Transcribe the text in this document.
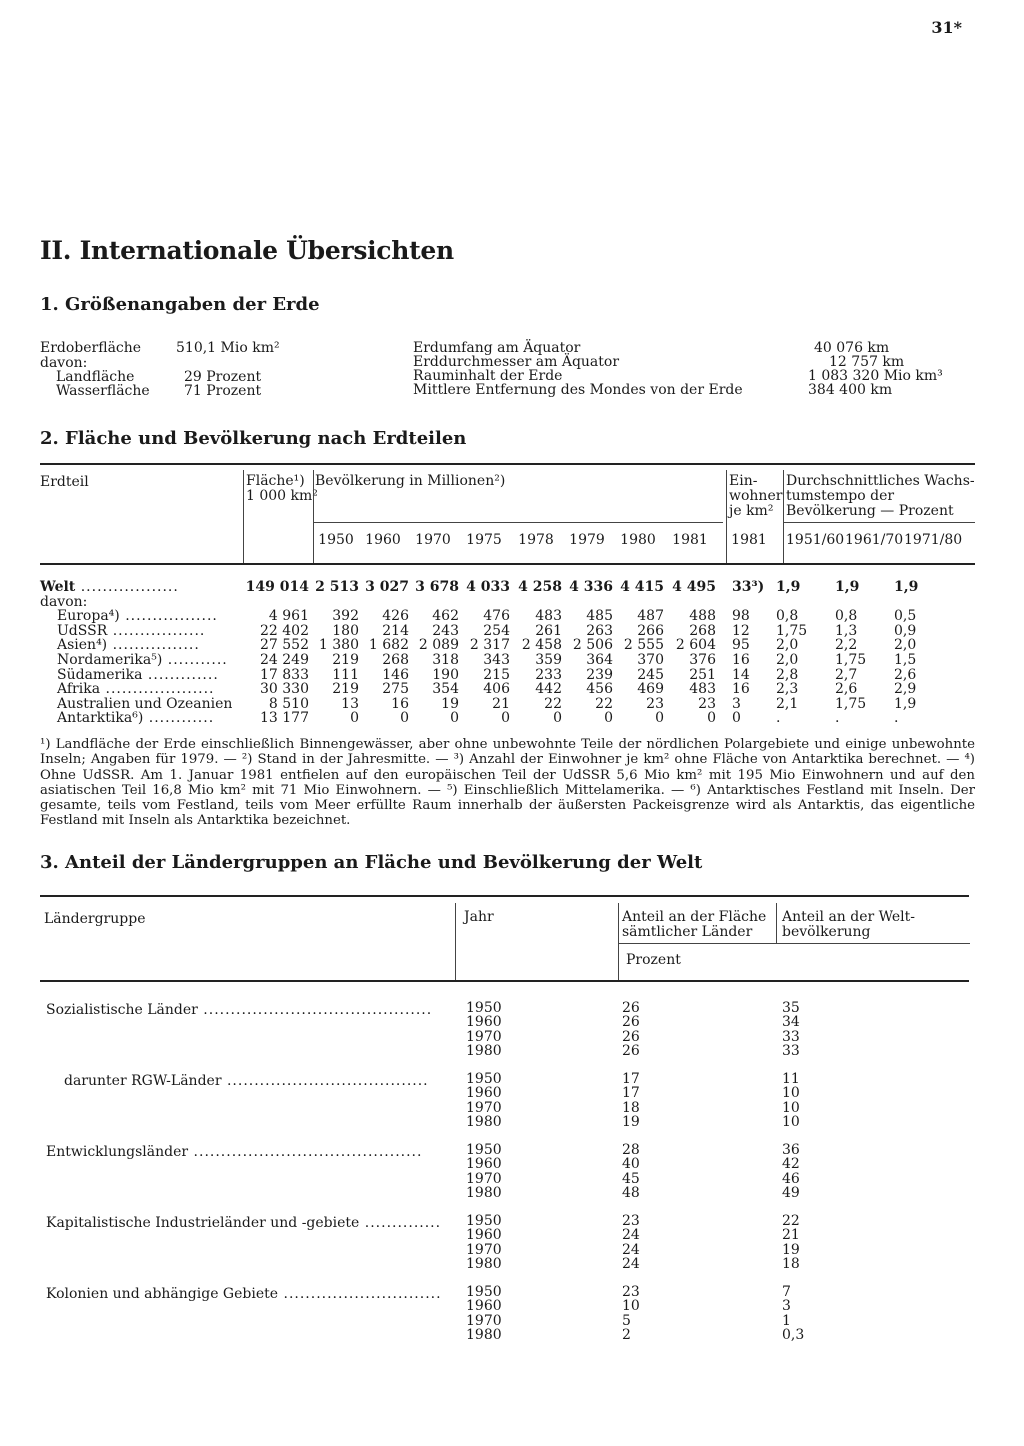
31*
II. Internationale Übersichten
1. Größenangaben der Erde
Erdoberfläche 510,1 Mio km²
davon:
Landfläche	29 Prozent
Wasserfläche 71 Prozent
Erdumfang am Äquator	40 076 km
Erddurchmesser am Äquator	12 757 km
Rauminhalt der Erde	1 083 320 Mio km³
Mittlere Entfernung des Mondes von der Erde	384 400 km
2. Fläche und Bevölkerung nach Erdteilen
Erdteil	Fläche¹)
1 000 km²
Bevölkerung in Millionen²)	Ein-
wohner
je km²
Durchschnittliches Wachs-
tumstempo der
Bevölkerung — Prozent
1950 1960	1970	1975	1978	1979	1980	1981	1981 1951/60 1961/70 1971/80
Welt ..................	149 014	2 513	3 027	3 678	4 033	4 258	4 336	4 415	4 495	33³)	1,9	1,9	1,9
davon:													
Europa⁴) .................	4 961	392	426	462	476	483	485	487	488	98	0,8	0,8	0,5
UdSSR .................	22 402	180	214	243	254	261	263	266	268	12	1,75	1,3	0,9
Asien⁴) ................	27 552	1 380	1 682	2 089	2 317	2 458	2 506	2 555	2 604	95	2,0	2,2	2,0
Nordamerika⁵) ...........	24 249	219	268	318	343	359	364	370	376	16	2,0	1,75	1,5
Südamerika .............	17 833	111	146	190	215	233	239	245	251	14	2,8	2,7	2,6
Afrika ....................	30 330	219	275	354	406	442	456	469	483	16	2,3	2,6	2,9
Australien und Ozeanien	8 510	13	16	19	21	22	22	23	23	3	2,1	1,75	1,9
Antarktika⁶) ............	13 177	0	0	0	0	0	0	0	0	0	.	.	.
¹) Landfläche der Erde einschließlich Binnengewässer, aber ohne unbewohnte Teile der nördlichen Polargebiete und einige unbewohnte Inseln; Angaben für 1979. — ²) Stand in der Jahresmitte. — ³) Anzahl der Einwohner je km² ohne Fläche von Antarktika berechnet. — ⁴) Ohne UdSSR. Am 1. Januar 1981 entfielen auf den europäischen Teil der UdSSR 5,6 Mio km² mit 195 Mio Einwohnern und auf den asiatischen Teil 16,8 Mio km² mit 71 Mio Einwohnern. — ⁵) Einschließlich Mittelamerika. — ⁶) Antarktisches Festland mit Inseln. Der gesamte, teils vom Festland, teils vom Meer erfüllte Raum innerhalb der äußersten Packeisgrenze wird als Antarktis, das eigentliche Festland mit Inseln als Antarktika bezeichnet.
3. Anteil der Ländergruppen an Fläche und Bevölkerung der Welt
Ländergruppe	Jahr	Anteil an der Fläche
sämtlicher Länder
Anteil an der Welt-
bevölkerung
Prozent
Sozialistische Länder .......................................... 1950	26	35
1960	26	34
1970	26	33
1980	26	33
darunter RGW-Länder .....................................	1950	17	11
1960	17	10
1970	18	10
1980	19	10
Entwicklungsländer ..........................................	1950	28	36
1960	40	42
1970	45	46
1980	48	49
Kapitalistische Industrieländer und -gebiete .............. 1950	23	22
1960	24	21
1970	24	19
1980	24	18
Kolonien und abhängige Gebiete ............................. 1950	23	7
1960	10	3
1970	5	1
1980	2	0,3
